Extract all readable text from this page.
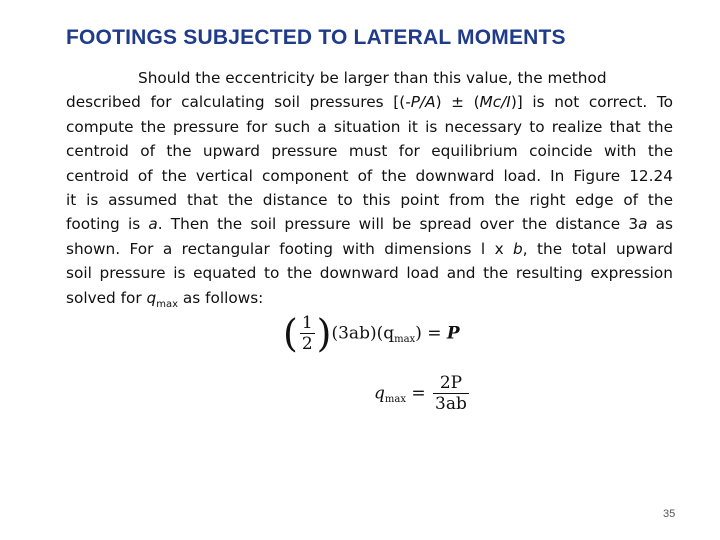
FOOTINGS SUBJECTED TO LATERAL MOMENTS
Should the eccentricity be larger than this value, the method
described for calculating soil pressures [(-P/A) ± (Mc/I)] is not correct. To
compute the pressure for such a situation it is necessary to realize that the
centroid of the upward pressure must for equilibrium coincide with the
centroid of the vertical component of the downward load. In Figure 12.24
it is assumed that the distance to this point from the right edge of the
footing is a. Then the soil pressure will be spread over the distance 3a as
shown. For a rectangular footing with dimensions l x b, the total upward
soil pressure is equated to the downward load and the resulting expression
solved for $q_{max}$ as follows:
( $\frac{1}{2} )(3ab)(q_{max}) = P$
$q_{max} = \frac{2P}{3ab}$
35
